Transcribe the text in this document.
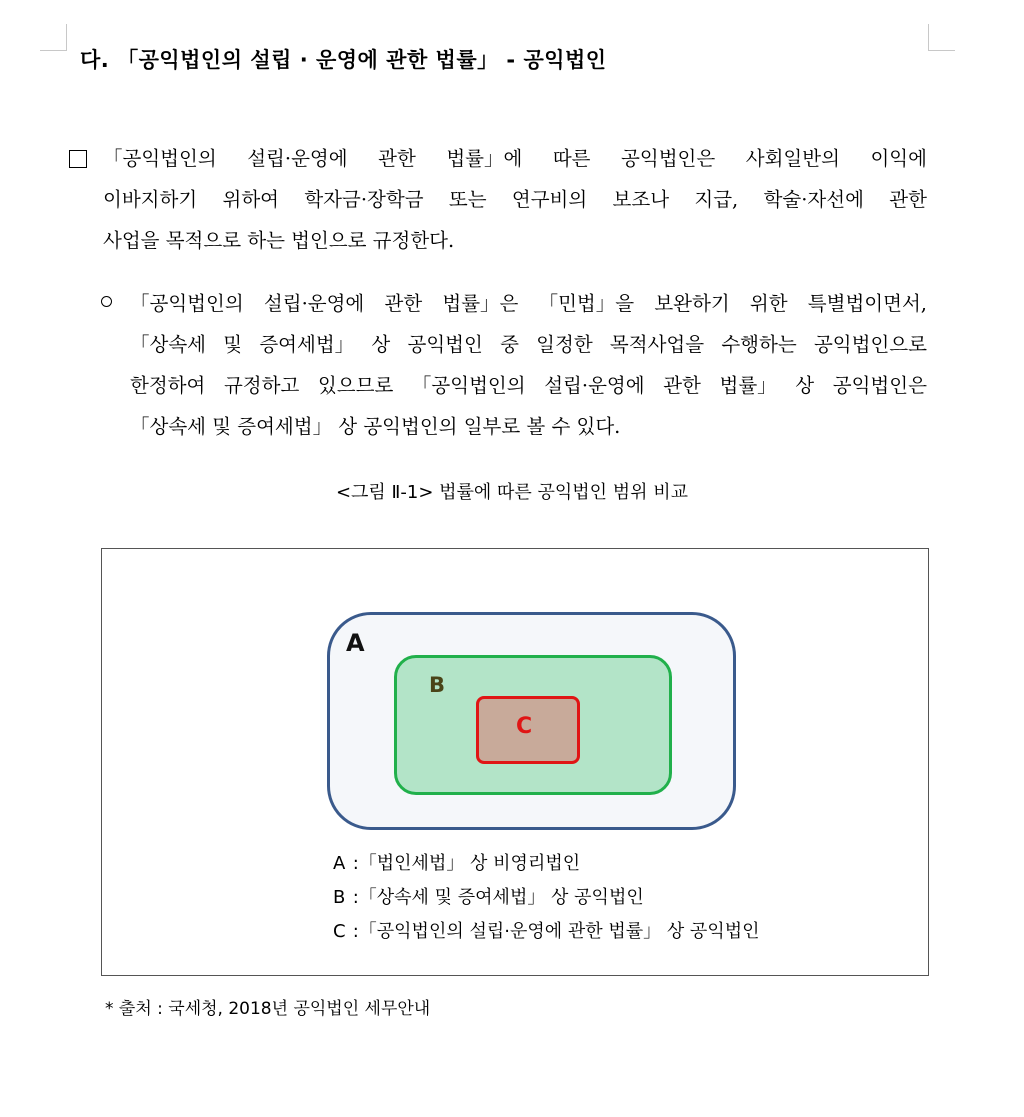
다. 「공익법인의 설립 · 운영에 관한 법률」 - 공익법인
「공익법인의 설립·운영에 관한 법률」에 따른 공익법인은 사회일반의 이익에
이바지하기 위하여 학자금·장학금 또는 연구비의 보조나 지급, 학술·자선에 관한
사업을 목적으로 하는 법인으로 규정한다.
「공익법인의 설립·운영에 관한 법률」은 「민법」을 보완하기 위한 특별법이면서,
「상속세 및 증여세법」 상 공익법인 중 일정한 목적사업을 수행하는 공익법인으로
한정하여 규정하고 있으므로 「공익법인의 설립·운영에 관한 법률」 상 공익법인은
「상속세 및 증여세법」 상 공익법인의 일부로 볼 수 있다.
<그림 Ⅱ-1> 법률에 따른 공익법인 범위 비교
A
B
C
A :「법인세법」 상 비영리법인
B :「상속세 및 증여세법」 상 공익법인
C :「공익법인의 설립·운영에 관한 법률」 상 공익법인
* 출처 : 국세청, 2018년 공익법인 세무안내
